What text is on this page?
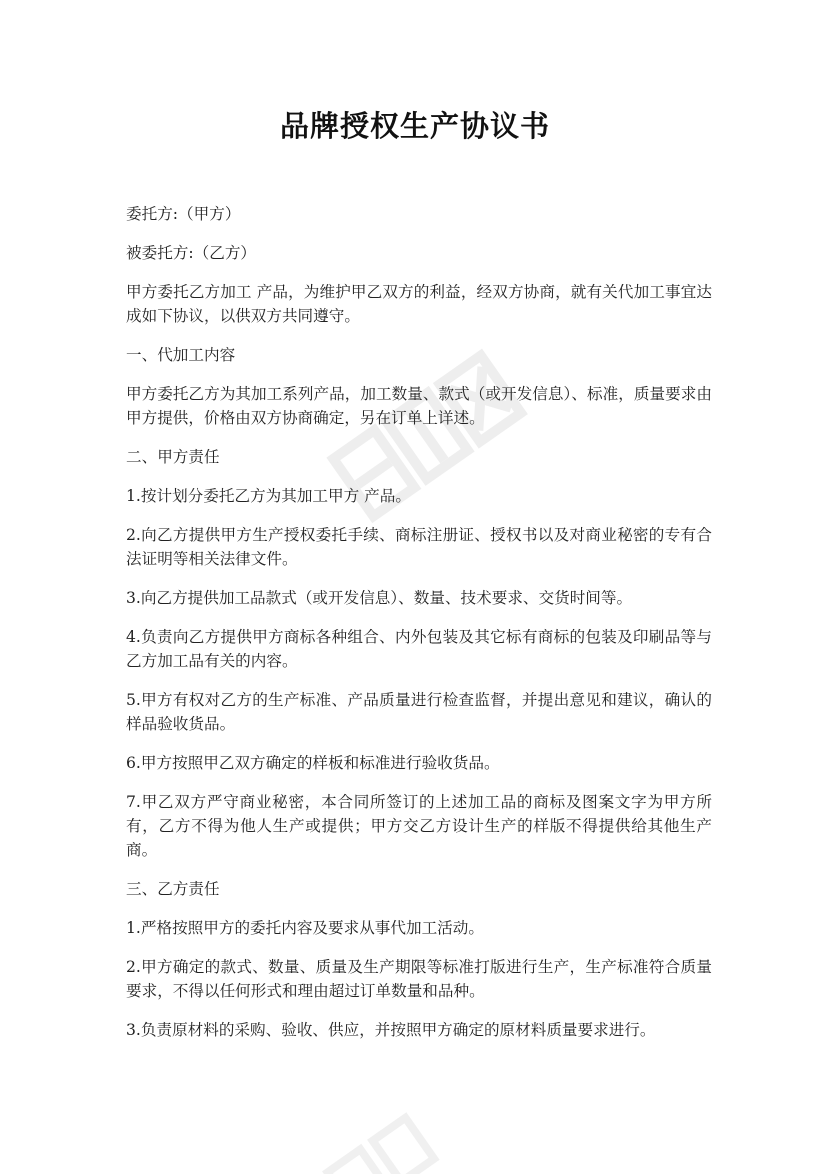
品牌授权生产协议书

委托方:（甲方）

被委托方:（乙方）

甲方委托乙方加工 产品，为维护甲乙双方的利益，经双方协商，就有关代加工事宜达成如下协议，以供双方共同遵守。

一、代加工内容

甲方委托乙方为其加工系列产品，加工数量、款式（或开发信息）、标准，质量要求由甲方提供，价格由双方协商确定，另在订单上详述。

二、甲方责任

1.按计划分委托乙方为其加工甲方 产品。

2.向乙方提供甲方生产授权委托手续、商标注册证、授权书以及对商业秘密的专有合法证明等相关法律文件。

3.向乙方提供加工品款式（或开发信息）、数量、技术要求、交货时间等。

4.负责向乙方提供甲方商标各种组合、内外包装及其它标有商标的包装及印刷品等与乙方加工品有关的内容。

5.甲方有权对乙方的生产标准、产品质量进行检查监督，并提出意见和建议，确认的样品验收货品。

6.甲方按照甲乙双方确定的样板和标准进行验收货品。

7.甲乙双方严守商业秘密，本合同所签订的上述加工品的商标及图案文字为甲方所有，乙方不得为他人生产或提供；甲方交乙方设计生产的样版不得提供给其他生产商。

三、乙方责任

1.严格按照甲方的委托内容及要求从事代加工活动。

2.甲方确定的款式、数量、质量及生产期限等标准打版进行生产，生产标准符合质量要求，不得以任何形式和理由超过订单数量和品种。

3.负责原材料的采购、验收、供应，并按照甲方确定的原材料质量要求进行。
